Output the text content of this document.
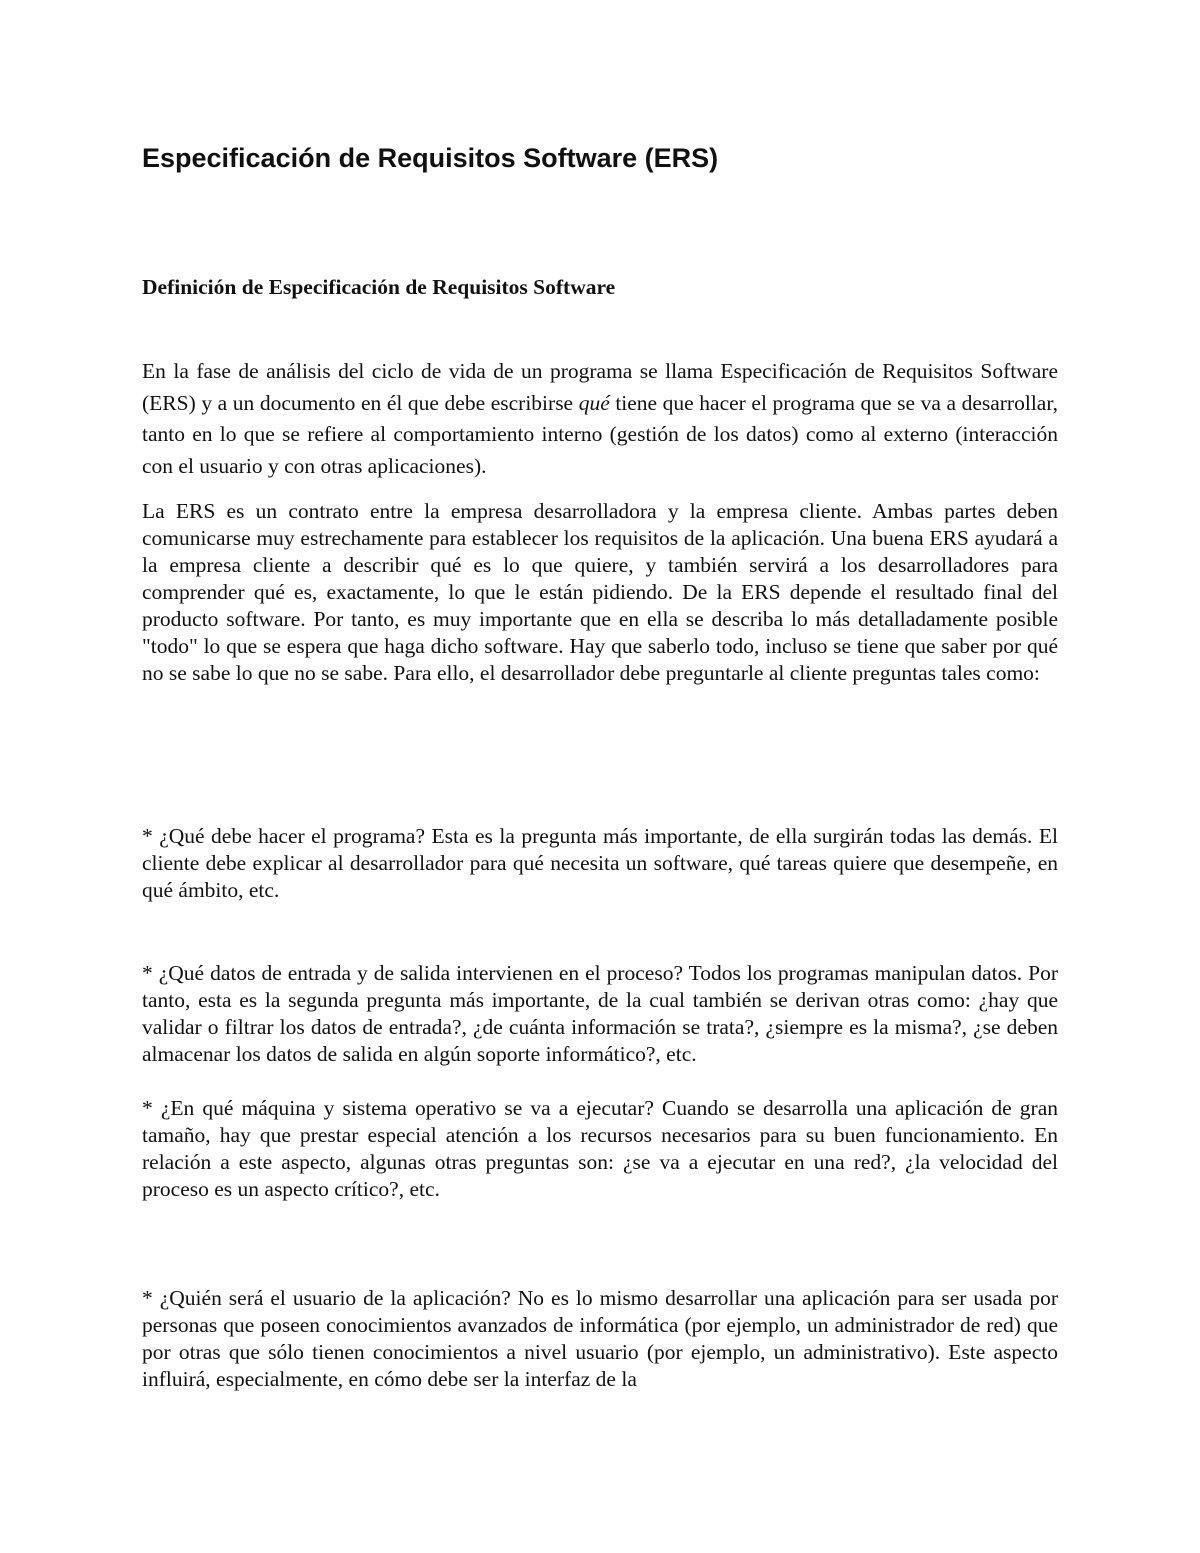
Especificación de Requisitos Software (ERS)
Definición de Especificación de Requisitos Software

En la fase de análisis del ciclo de vida de un programa se llama Especificación de Requisitos Software (ERS) y a un documento en él que debe escribirse qué tiene que hacer el programa que se va a desarrollar, tanto en lo que se refiere al comportamiento interno (gestión de los datos) como al externo (interacción con el usuario y con otras aplicaciones).

La ERS es un contrato entre la empresa desarrolladora y la empresa cliente. Ambas partes deben comunicarse muy estrechamente para establecer los requisitos de la aplicación. Una buena ERS ayudará a la empresa cliente a describir qué es lo que quiere, y también servirá a los desarrolladores para comprender qué es, exactamente, lo que le están pidiendo. De la ERS depende el resultado final del producto software. Por tanto, es muy importante que en ella se describa lo más detalladamente posible "todo" lo que se espera que haga dicho software. Hay que saberlo todo, incluso se tiene que saber por qué no se sabe lo que no se sabe. Para ello, el desarrollador debe preguntarle al cliente preguntas tales como:

* ¿Qué debe hacer el programa? Esta es la pregunta más importante, de ella surgirán todas las demás. El cliente debe explicar al desarrollador para qué necesita un software, qué tareas quiere que desempeñe, en qué ámbito, etc.

* ¿Qué datos de entrada y de salida intervienen en el proceso? Todos los programas manipulan datos. Por tanto, esta es la segunda pregunta más importante, de la cual también se derivan otras como: ¿hay que validar o filtrar los datos de entrada?, ¿de cuánta información se trata?, ¿siempre es la misma?, ¿se deben almacenar los datos de salida en algún soporte informático?, etc.

* ¿En qué máquina y sistema operativo se va a ejecutar? Cuando se desarrolla una aplicación de gran tamaño, hay que prestar especial atención a los recursos necesarios para su buen funcionamiento. En relación a este aspecto, algunas otras preguntas son: ¿se va a ejecutar en una red?, ¿la velocidad del proceso es un aspecto crítico?, etc.

* ¿Quién será el usuario de la aplicación? No es lo mismo desarrollar una aplicación para ser usada por personas que poseen conocimientos avanzados de informática (por ejemplo, un administrador de red) que por otras que sólo tienen conocimientos a nivel usuario (por ejemplo, un administrativo). Este aspecto influirá, especialmente, en cómo debe ser la interfaz de la
